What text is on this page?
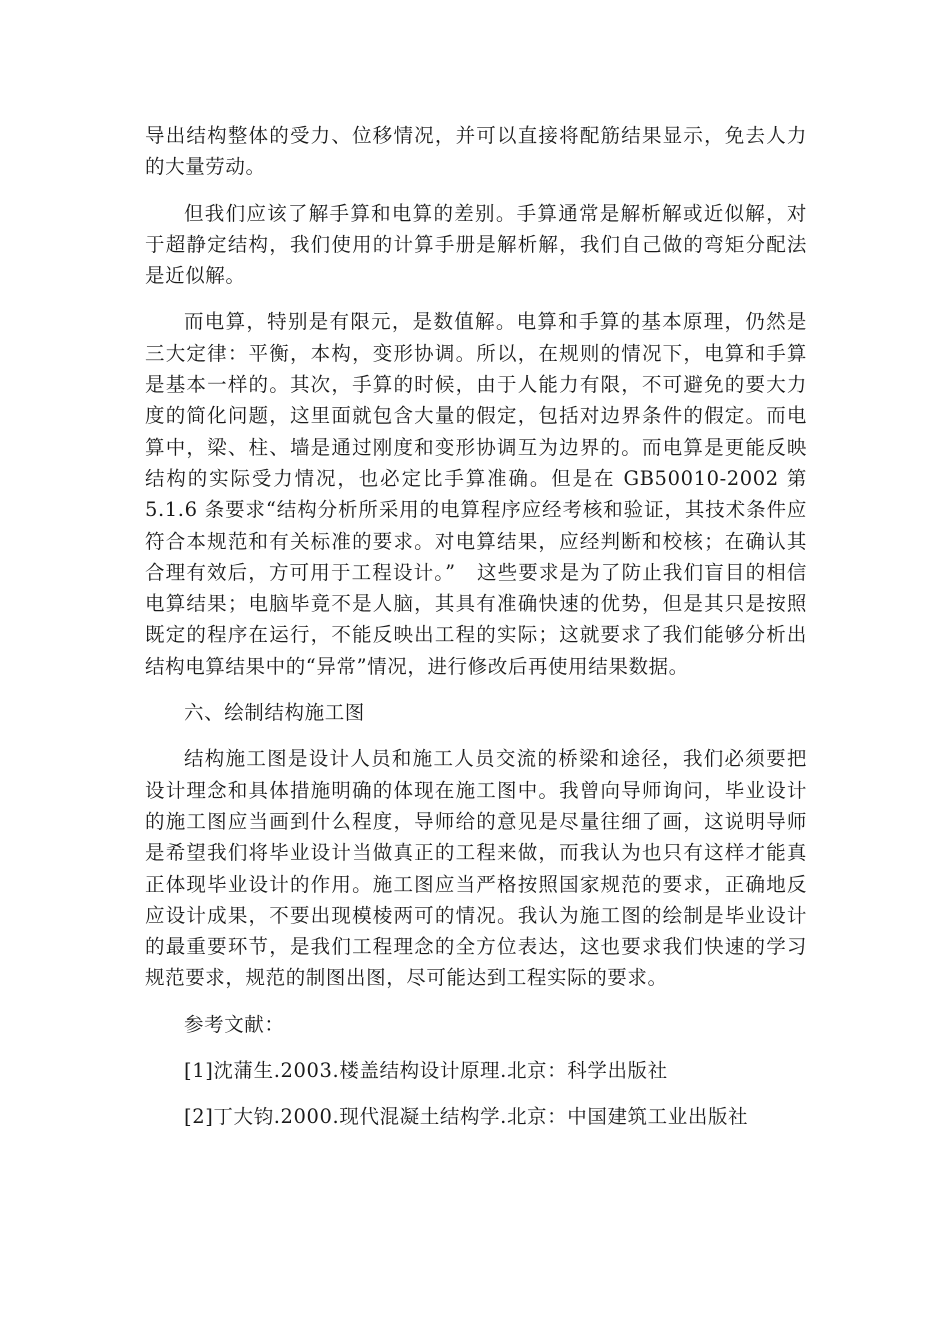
导出结构整体的受力、位移情况，并可以直接将配筋结果显示，免去人力的大量劳动。

但我们应该了解手算和电算的差别。手算通常是解析解或近似解，对于超静定结构，我们使用的计算手册是解析解，我们自己做的弯矩分配法是近似解。

而电算，特别是有限元，是数值解。电算和手算的基本原理，仍然是三大定律：平衡，本构，变形协调。所以，在规则的情况下，电算和手算是基本一样的。其次，手算的时候，由于人能力有限，不可避免的要大力度的简化问题，这里面就包含大量的假定，包括对边界条件的假定。而电算中，梁、柱、墙是通过刚度和变形协调互为边界的。而电算是更能反映结构的实际受力情况，也必定比手算准确。但是在 GB50010-2002 第 5.1.6 条要求“结构分析所采用的电算程序应经考核和验证，其技术条件应符合本规范和有关标准的要求。对电算结果，应经判断和校核；在确认其合理有效后，方可用于工程设计。”　这些要求是为了防止我们盲目的相信电算结果；电脑毕竟不是人脑，其具有准确快速的优势，但是其只是按照既定的程序在运行，不能反映出工程的实际；这就要求了我们能够分析出结构电算结果中的“异常”情况，进行修改后再使用结果数据。

六、绘制结构施工图

结构施工图是设计人员和施工人员交流的桥梁和途径，我们必须要把设计理念和具体措施明确的体现在施工图中。我曾向导师询问，毕业设计的施工图应当画到什么程度，导师给的意见是尽量往细了画，这说明导师是希望我们将毕业设计当做真正的工程来做，而我认为也只有这样才能真正体现毕业设计的作用。施工图应当严格按照国家规范的要求，正确地反应设计成果，不要出现模棱两可的情况。我认为施工图的绘制是毕业设计的最重要环节，是我们工程理念的全方位表达，这也要求我们快速的学习规范要求，规范的制图出图，尽可能达到工程实际的要求。

参考文献：

[1]沈蒲生.2003.楼盖结构设计原理.北京：科学出版社

[2]丁大钧.2000.现代混凝土结构学.北京：中国建筑工业出版社
